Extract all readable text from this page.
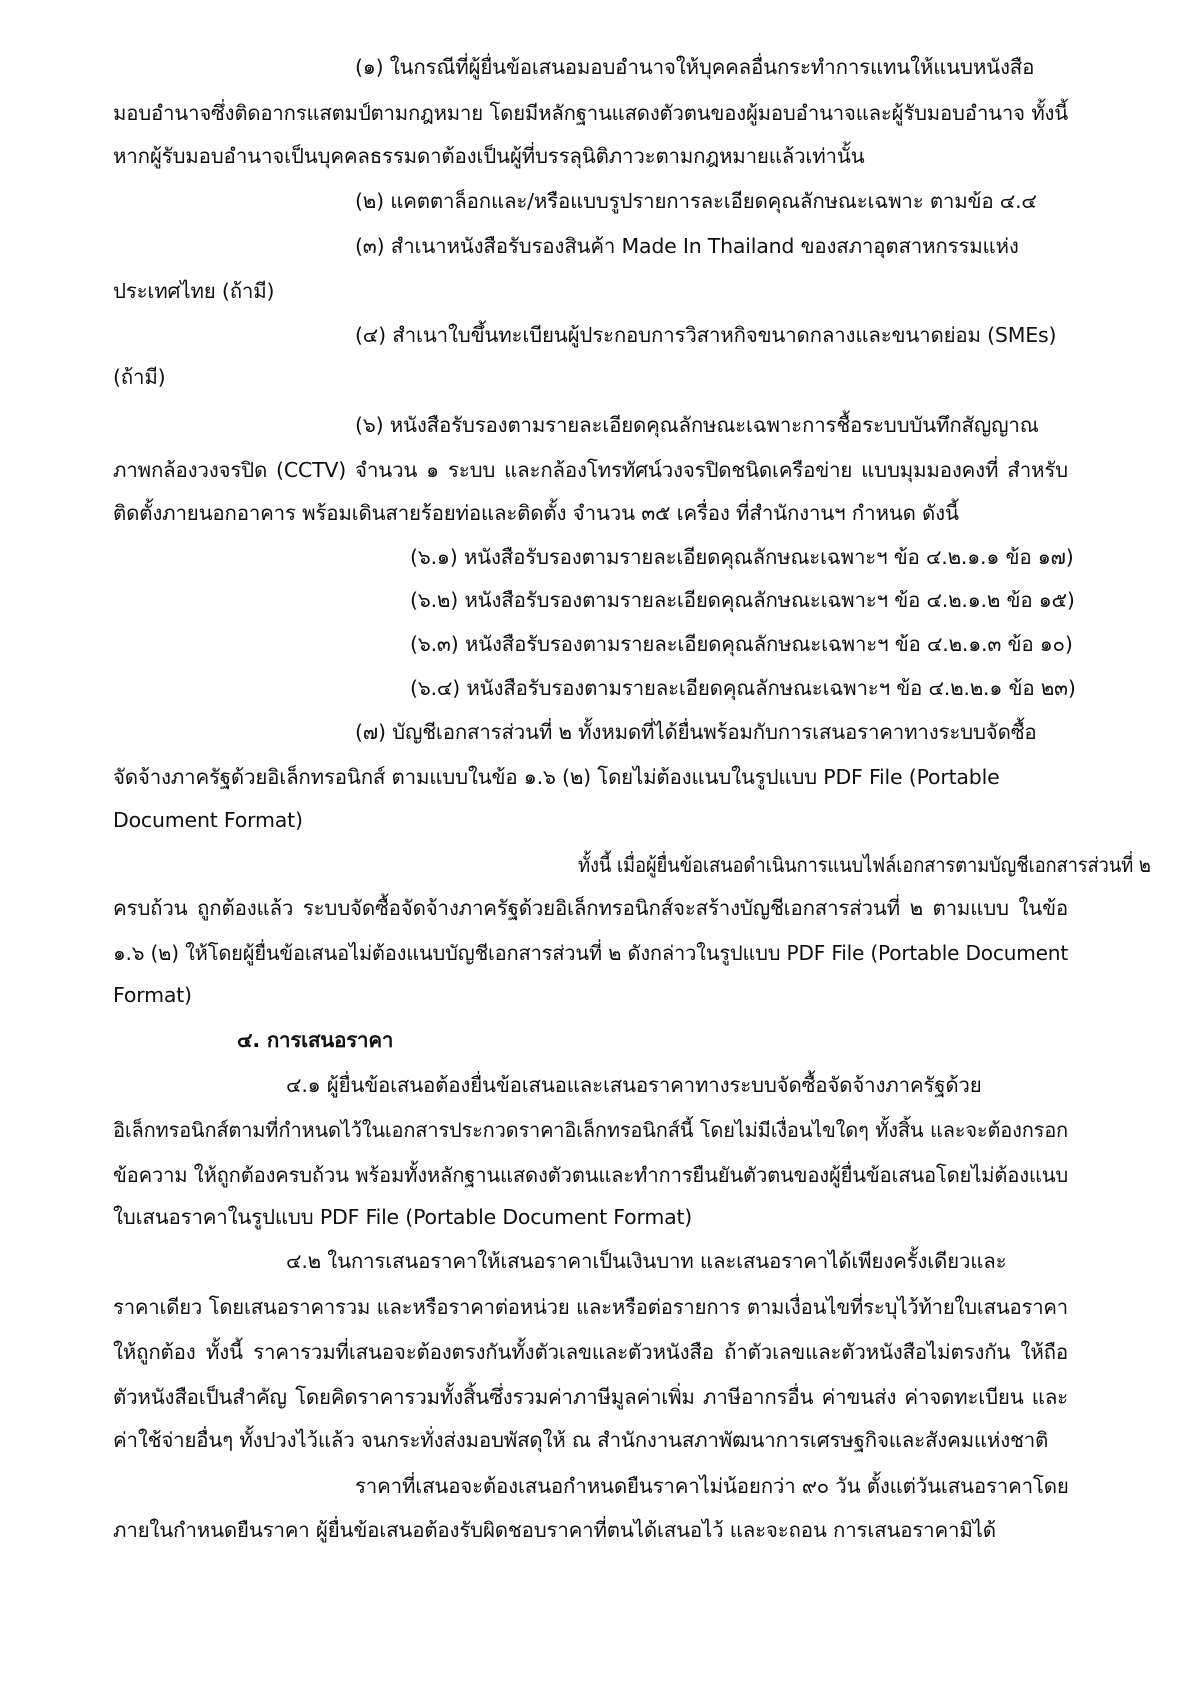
(๑) ในกรณีที่ผู้ยื่นข้อเสนอมอบอำนาจให้บุคคลอื่นกระทำการแทนให้แนบหนังสือ
มอบอำนาจซึ่งติดอากรแสตมป์ตามกฎหมาย โดยมีหลักฐานแสดงตัวตนของผู้มอบอำนาจและผู้รับมอบอำนาจ ทั้งนี้
หากผู้รับมอบอำนาจเป็นบุคคลธรรมดาต้องเป็นผู้ที่บรรลุนิติภาวะตามกฎหมายแล้วเท่านั้น
(๒) แคตตาล็อกและ/หรือแบบรูปรายการละเอียดคุณลักษณะเฉพาะ ตามข้อ ๔.๔
(๓) สำเนาหนังสือรับรองสินค้า Made In Thailand ของสภาอุตสาหกรรมแห่ง
ประเทศไทย (ถ้ามี)
(๔) สำเนาใบขึ้นทะเบียนผู้ประกอบการวิสาหกิจขนาดกลางและขนาดย่อม (SMEs)
(ถ้ามี)
(๖) หนังสือรับรองตามรายละเอียดคุณลักษณะเฉพาะการชื้อระบบบันทึกสัญญาณ
ภาพกล้องวงจรปิด (CCTV) จำนวน ๑ ระบบ และกล้องโทรทัศน์วงจรปิดชนิดเครือข่าย แบบมุมมองคงที่ สำหรับ
ติดตั้งภายนอกอาคาร พร้อมเดินสายร้อยท่อและติดตั้ง จำนวน ๓๕ เครื่อง ที่สำนักงานฯ กำหนด ดังนี้
(๖.๑) หนังสือรับรองตามรายละเอียดคุณลักษณะเฉพาะฯ ข้อ ๔.๒.๑.๑ ข้อ ๑๗)
(๖.๒) หนังสือรับรองตามรายละเอียดคุณลักษณะเฉพาะฯ ข้อ ๔.๒.๑.๒ ข้อ ๑๕)
(๖.๓) หนังสือรับรองตามรายละเอียดคุณลักษณะเฉพาะฯ ข้อ ๔.๒.๑.๓ ข้อ ๑๐)
(๖.๔) หนังสือรับรองตามรายละเอียดคุณลักษณะเฉพาะฯ ข้อ ๔.๒.๒.๑ ข้อ ๒๓)
(๗) บัญชีเอกสารส่วนที่ ๒ ทั้งหมดที่ได้ยื่นพร้อมกับการเสนอราคาทางระบบจัดซื้อ
จัดจ้างภาครัฐด้วยอิเล็กทรอนิกส์ ตามแบบในข้อ ๑.๖ (๒) โดยไม่ต้องแนบในรูปแบบ PDF File (Portable
Document Format)
ทั้งนี้ เมื่อผู้ยื่นข้อเสนอดำเนินการแนบไฟล์เอกสารตามบัญชีเอกสารส่วนที่ ๒
ครบถ้วน ถูกต้องแล้ว ระบบจัดซื้อจัดจ้างภาครัฐด้วยอิเล็กทรอนิกส์จะสร้างบัญชีเอกสารส่วนที่ ๒ ตามแบบ ในข้อ
๑.๖ (๒) ให้โดยผู้ยื่นข้อเสนอไม่ต้องแนบบัญชีเอกสารส่วนที่ ๒ ดังกล่าวในรูปแบบ PDF File (Portable Document
Format)
๔. การเสนอราคา
๔.๑ ผู้ยื่นข้อเสนอต้องยื่นข้อเสนอและเสนอราคาทางระบบจัดซื้อจัดจ้างภาครัฐด้วย
อิเล็กทรอนิกส์ตามที่กำหนดไว้ในเอกสารประกวดราคาอิเล็กทรอนิกส์นี้ โดยไม่มีเงื่อนไขใดๆ ทั้งสิ้น และจะต้องกรอก
ข้อความ ให้ถูกต้องครบถ้วน พร้อมทั้งหลักฐานแสดงตัวตนและทำการยืนยันตัวตนของผู้ยื่นข้อเสนอโดยไม่ต้องแนบ
ใบเสนอราคาในรูปแบบ PDF File (Portable Document Format)
๔.๒ ในการเสนอราคาให้เสนอราคาเป็นเงินบาท และเสนอราคาได้เพียงครั้งเดียวและ
ราคาเดียว โดยเสนอราคารวม และหรือราคาต่อหน่วย และหรือต่อรายการ ตามเงื่อนไขที่ระบุไว้ท้ายใบเสนอราคา
ให้ถูกต้อง ทั้งนี้ ราคารวมที่เสนอจะต้องตรงกันทั้งตัวเลขและตัวหนังสือ ถ้าตัวเลขและตัวหนังสือไม่ตรงกัน ให้ถือ
ตัวหนังสือเป็นสำคัญ โดยคิดราคารวมทั้งสิ้นซึ่งรวมค่าภาษีมูลค่าเพิ่ม ภาษีอากรอื่น ค่าขนส่ง ค่าจดทะเบียน และ
ค่าใช้จ่ายอื่นๆ ทั้งปวงไว้แล้ว จนกระทั่งส่งมอบพัสดุให้ ณ สำนักงานสภาพัฒนาการเศรษฐกิจและสังคมแห่งชาติ
ราคาที่เสนอจะต้องเสนอกำหนดยืนราคาไม่น้อยกว่า ๙๐ วัน ตั้งแต่วันเสนอราคาโดย
ภายในกำหนดยืนราคา ผู้ยื่นข้อเสนอต้องรับผิดชอบราคาที่ตนได้เสนอไว้ และจะถอน การเสนอราคามิได้
